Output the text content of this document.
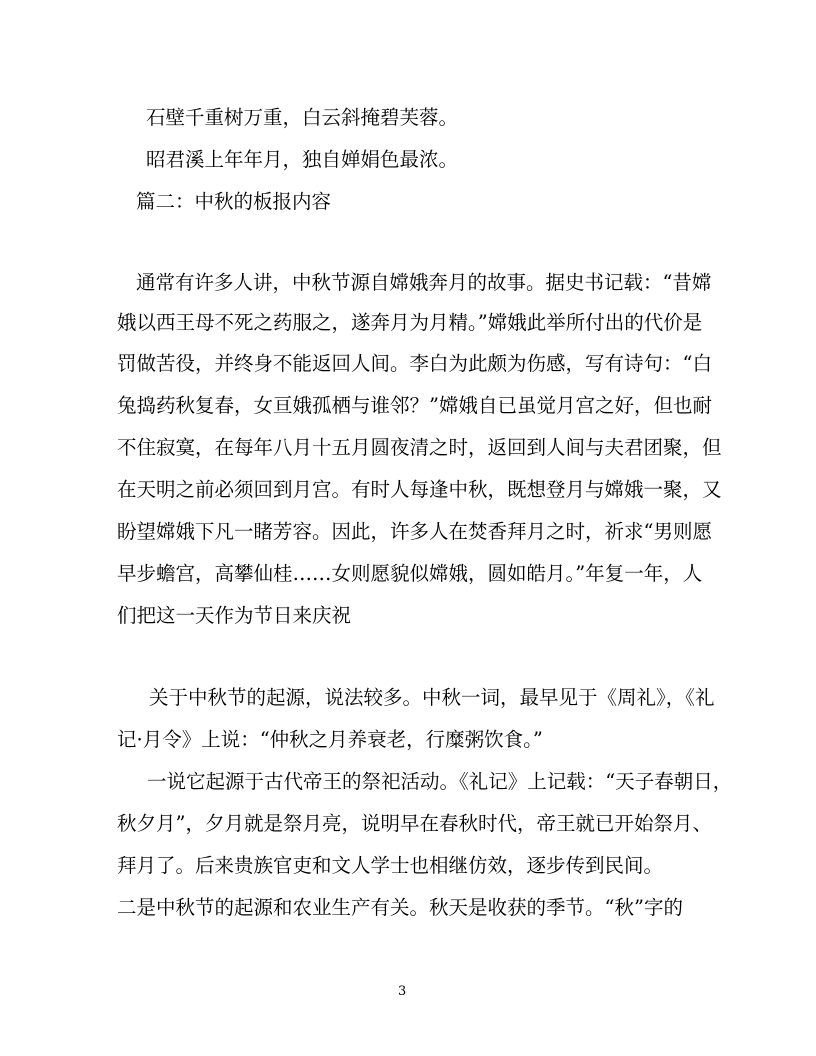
石壁千重树万重，白云斜掩碧芙蓉。
昭君溪上年年月，独自婵娟色最浓。
篇二：中秋的板报内容
通常有许多人讲，中秋节源自嫦娥奔月的故事。据史书记载：“昔嫦
娥以西王母不死之药服之，遂奔月为月精。”嫦娥此举所付出的代价是
罚做苦役，并终身不能返回人间。李白为此颇为伤感，写有诗句：“白
兔捣药秋复春，女亘娥孤栖与谁邻？”嫦娥自已虽觉月宫之好，但也耐
不住寂寞，在每年八月十五月圆夜清之时，返回到人间与夫君团聚，但
在天明之前必须回到月宫。有时人每逢中秋，既想登月与嫦娥一聚，又
盼望嫦娥下凡一睹芳容。因此，许多人在焚香拜月之时，祈求“男则愿
早步蟾宫，高攀仙桂……女则愿貌似嫦娥，圆如皓月。”年复一年，人
们把这一天作为节日来庆祝
关于中秋节的起源，说法较多。中秋一词，最早见于《周礼》，《礼
记·月令》上说：“仲秋之月养衰老，行糜粥饮食。”
一说它起源于古代帝王的祭祀活动。《礼记》上记载：“天子春朝日，
秋夕月”，夕月就是祭月亮，说明早在春秋时代，帝王就已开始祭月、
拜月了。后来贵族官吏和文人学士也相继仿效，逐步传到民间。
二是中秋节的起源和农业生产有关。秋天是收获的季节。“秋”字的
3
